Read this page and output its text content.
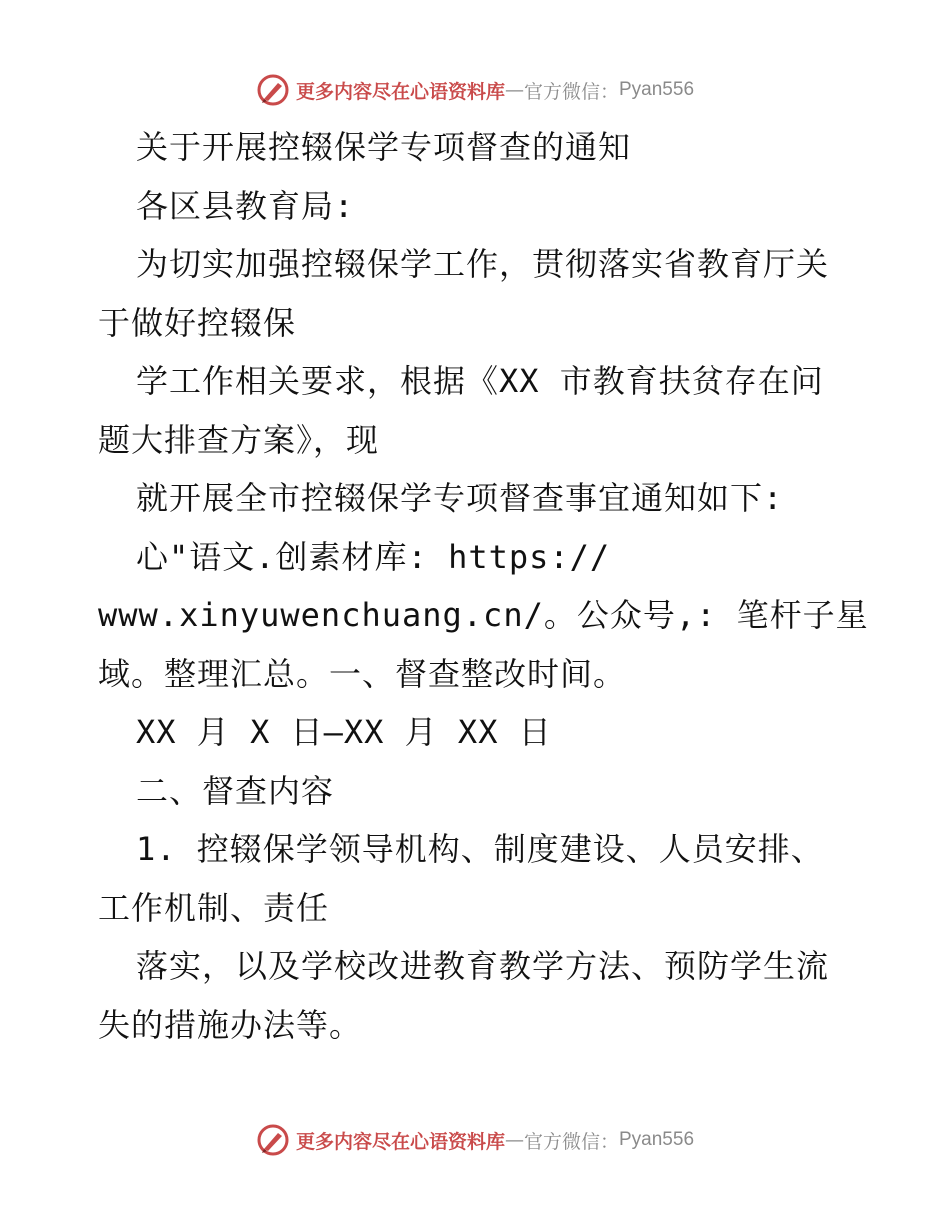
更多内容尽在心语资料库 — 官方微信： Pyan556
关于开展控辍保学专项督查的通知
各区县教育局:
为切实加强控辍保学工作，贯彻落实省教育厅关
于做好控辍保
学工作相关要求，根据《XX 市教育扶贫存在问
题大排查方案》，现
就开展全市控辍保学专项督查事宜通知如下:
心"语文.创素材库: https://
www.xinyuwenchuang.cn/。公众号,: 笔杆子星
域。整理汇总。一、督查整改时间。
XX 月 X 日—XX 月 XX 日
二、督查内容
1. 控辍保学领导机构、制度建设、人员安排、
工作机制、责任
落实，以及学校改进教育教学方法、预防学生流
失的措施办法等。
更多内容尽在心语资料库 — 官方微信： Pyan556
